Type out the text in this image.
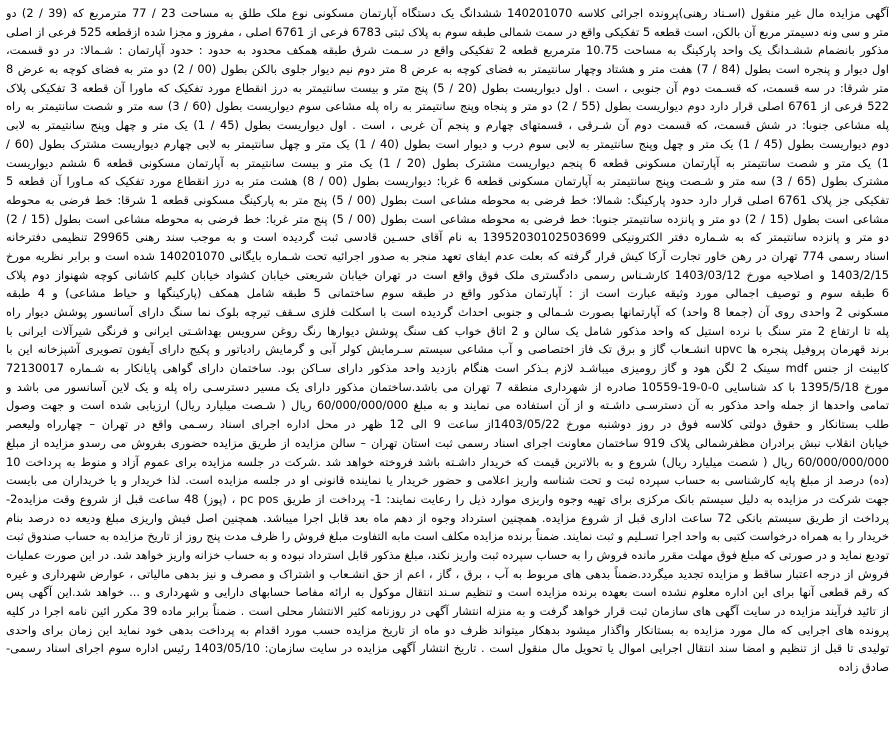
آگهی مزایده مال غیر منقول (اسـناد رهنی)پرونده اجرائی کلاسه 140201070 ششدانگ یک دستگاه آپارتمان مسکونی نوع ملک طلق به مساحت 23 / 77 مترمربع که (39 / 2) دو
متر و سی ونه دسیمتر مربع آن بالکن، است قطعه 5 تفکیکی واقع در سمت شمالی طبقه سوم به پلاک ثبتی 6783 فرعی از 6761 اصلی ، مفروز و مجزا شده ازقطعه 525 فرعی از اصلی
مذکور بانضمام ششـدانگ یک واحد پارکینگ به مساحت 10.75 مترمربع قطعه 2 تفکیکی واقع در سـمت شرق طبقه همکف محدود به حدود : حدود آپارتمان : شـمالا: در دو قسمت،
اول دیوار و پنجره است بطول (84 / 7) هفت متر و هشتاد وچهار سانتیمتر به فضای کوچه به عرض 8 متر دوم نیم دیوار جلوی بالکن بطول (00 / 2) دو متر به فضای کوچه به عرض 8
متر شرقا: در سه قسمت، که قسـمت دوم آن جنوبی ، است . اول دیواریست بطول (20 / 5) پنج متر و بیست سانتیمتر به درز انقطاع مورد تفکیک که ماورا آن قطعه 3 تفکیکی پلاک
522 فرعی از 6761 اصلی قرار دارد دوم دیواریست بطول (55 / 2) دو متر و پنجاه وپنج سانتیمتر به راه پله مشاعی سوم دیواریست بطول (60 / 3) سه متر و شصت سانتیمتر به راه
پله مشاعی جنوبا: در شش قسمت، که قسمت دوم آن شـرقی ، قسمتهای چهارم و پنجم آن غربی ، است . اول دیواریست بطول (45 / 1) یک متر و چهل وپنج سانتیمتر به لابی
دوم دیواریست بطول (45 / 1) یک متر و چهل وپنج سانتیمتر به لابی سوم درب و دیوار است بطول (40 / 1) یک متر و چهل سانتیمتر به لابی چهارم دیواریست مشترک بطول (60 /
1) یک متر و شصت سانتیمتر به آپارتمان مسکونی قطعه 6 پنجم دیواریست مشترک بطول (20 / 1) یک متر و بیست سانتیمتر به آپارتمان مسکونی قطعه 6 ششم دیواریست
مشترک بطول (65 / 3) سه متر و شـصت وپنج سانتیمتر به آپارتمان مسکونی قطعه 6 غربا: دیواریست بطول (00 / 8) هشت متر به درز انقطاع مورد تفکیک که مـاورا آن قطعه 5
تفکیکی جز پلاک 6761 اصلی قرار دارد حدود پارکینگ: شمالا: خط فرضی به محوطه مشاعی است بطول (00 / 5) پنج متر به پارکینگ مسکونی قطعه 1 شرقا: خط فرضی به محوطه
مشاعی است بطول (15 / 2) دو متر و پانزده سانتیمتر جنوبا: خط فرضی به محوطه مشاعی است بطول (00 / 5) پنج متر غربا: خط فرضی به محوطه مشاعی است بطول (15 / 2)
دو متر و پانزده سانتیمتر که به شـماره دفتر الکترونیکی 13952030102503699 به نام آقای حسـین قادسی ثبت گردیده است و به موجب سند رهنی 29965 تنظیمی دفترخانه
اسناد رسمی 774 تهران در رهن خاور تجارت آرکا کیش قرار گرفته که بعلت عدم ایفای تعهد منجر به صدور اجرائیه تحت شـماره بایگانی 140201070 شده است و برابر نظریه مورخ
1403/2/15 و اصلاحیه مورخ 1403/03/12 کارشـناس رسمی دادگستری ملک فوق واقع است در تهران خیابان شریعتی خیابان کشواد خیابان کلیم کاشانی کوچه شهنواز دوم پلاک
6 طبقه سوم و توصیف اجمالی مورد وثیقه عبارت است از : آپارتمان مذکور واقع در طبقه سوم ساختمانی 5 طبقه شامل همکف (پارکینگها و حیاط مشاعی) و 4 طبقه
مسکونی 2 واحدی روی آن (جمعا 8 واحد) که آپارتمانها بصورت شـمالی و جنوبی احداث گردیده است با اسکلت فلزی سـقف تیرچه بلوک نما سنگ دارای آسانسور پوشش دیوار راه
پله تا ارتفاع 2 متر سنگ با نرده استیل که واحد مذکور شامل یک سالن و 2 اتاق خواب کف سنگ پوشش دیوارها رنگ روغن سرویس بهداشـتی ایرانی و فرنگی شیرآلات ایرانی با
برند قهرمان پروفیل پنجره ها upvc انشـعاب گاز و برق تک فاز اختصاصی و آب مشاعی سیستم سـرمایش کولر آبی و گرمایش رادیاتور و پکیج دارای آیفون تصویری آشپزخانه این با
کابینت از جنس mdf سینک 2 لگن هود و گاز رومیزی میباشـد لازم بـذکر است هنگام بازدید واحد مذکور دارای سـاکن بود. ساختمان دارای گواهی پایانکار به شـماره 72130017
مورخ 1395/5/18 با کد شناسایی 0-0-19-10559 صادره از شهرداری منطقه 7 تهران می باشد.ساختمان مذکور دارای یک مسیر دسترسـی راه پله و یک لاین آسانسور می باشد و
تمامی واحدها از جمله واحد مذکور به آن دسترسـی داشـته و از آن استفاده می نمایند و به مبلغ 60/000/000/000 ریال ( شـصت میلیارد ریال) ارزیابی شده است و جهت وصول
طلب بستانکار و حقوق دولتی کلاسه فوق در روز دوشنبه مورخ 1403/05/22از ساعت 9 الی 12 ظهر در محل اداره اجرای اسناد رسـمی واقع در تهران – چهارراه ولیعصر
خیابان انقلاب نبش برادران مظفرشمالی پلاک 919 ساختمان معاونت اجرای اسناد رسمی ثبت استان تهران – سالن مزایده از طریق مزایده حضوری بفروش می رسدو مزایده از مبلغ
60/000/000/000 ریال ( شصت میلیارد ریال) شروع و به بالاترین قیمت که خریدار داشـته باشد فروخته خواهد شد .شرکت در جلسه مزایده برای عموم آزاد و منوط به پرداخت 10
(ده) درصد از مبلغ پایه کارشناسی به حساب سپرده ثبت و تحت شناسه واریز اعلامی و حضور خریدار یا نماینده قانونی او در جلسه مزایده است. لذا خریدار و یا خریداران می بایست
جهت شرکت در مزایده به دلیل سیستم بانک مرکزی برای تهیه وجوه واریزی موارد ذیل را رعایت نمایند: 1- پرداخت از طریق pc pos ، (پوز) 48 ساعت قبل از شروع وقت مزایده2-
پرداخت از طریق سیستم بانکی 72 ساعت اداری قبل از شروع مزایده. همچنین استرداد وجوه از دهم ماه بعد قابل اجرا میباشد. همچنین اصل فیش واریزی مبلغ ودیعه ده درصد بنام
خریدار را به همراه درخواست کتبی به واحد اجرا تسـلیم و ثبت نمایند. ضمناً برنده مزایده مکلف است مابه التفاوت مبلغ فروش را ظرف مدت پنج روز از تاریخ مزایده به حساب صندوق ثبت
تودیع نماید و در صورتی که مبلغ فوق مهلت مقرر مانده فروش را به حساب سپرده ثبت واریز نکند، مبلغ مذکور قابل استرداد نبوده و به حساب خزانه واریز خواهد شد. در این صورت عملیات
فروش از درجه اعتبار ساقط و مزایده تجدید میگردد.ضمناً بدهی های مربوط به آب ، برق ، گاز ، اعم از حق انشـعاب و اشتراک و مصرف و نیز بدهی مالیاتی ، عوارض شهرداری و غیره
که رقم قطعی آنها برای این اداره معلوم نشده است بعهده برنده مزایده است و تنظیم سـند انتقال موکول به ارائه مفاصا حسابهای دارایی و شهرداری و ... خواهد شد.این آگهی پس
از تائید فرآیند مزایده در سایت آگهی های سازمان ثبت قرار خواهد گرفت و به منزله انتشار آگهی در روزنامه کثیر الانتشار محلی است . ضمناً برابر ماده 39 مکرر ائین نامه اجرا در کلیه
پرونده های اجرایی که مال مورد مزایده به بستانکار واگذار میشود بدهکار میتواند ظرف دو ماه از تاریخ مزایده حسب مورد اقدام به پرداخت بدهی خود نماید این زمان برای واحدی
تولیدی تا قبل از تنظیم و امضا سند انتقال اجرایی اموال یا تحویل مال منقول است . تاریخ انتشار آگهی مزایده در سایت سازمان: 1403/05/10 رئیس اداره سوم اجرای اسناد رسمی-
صادق زاده
